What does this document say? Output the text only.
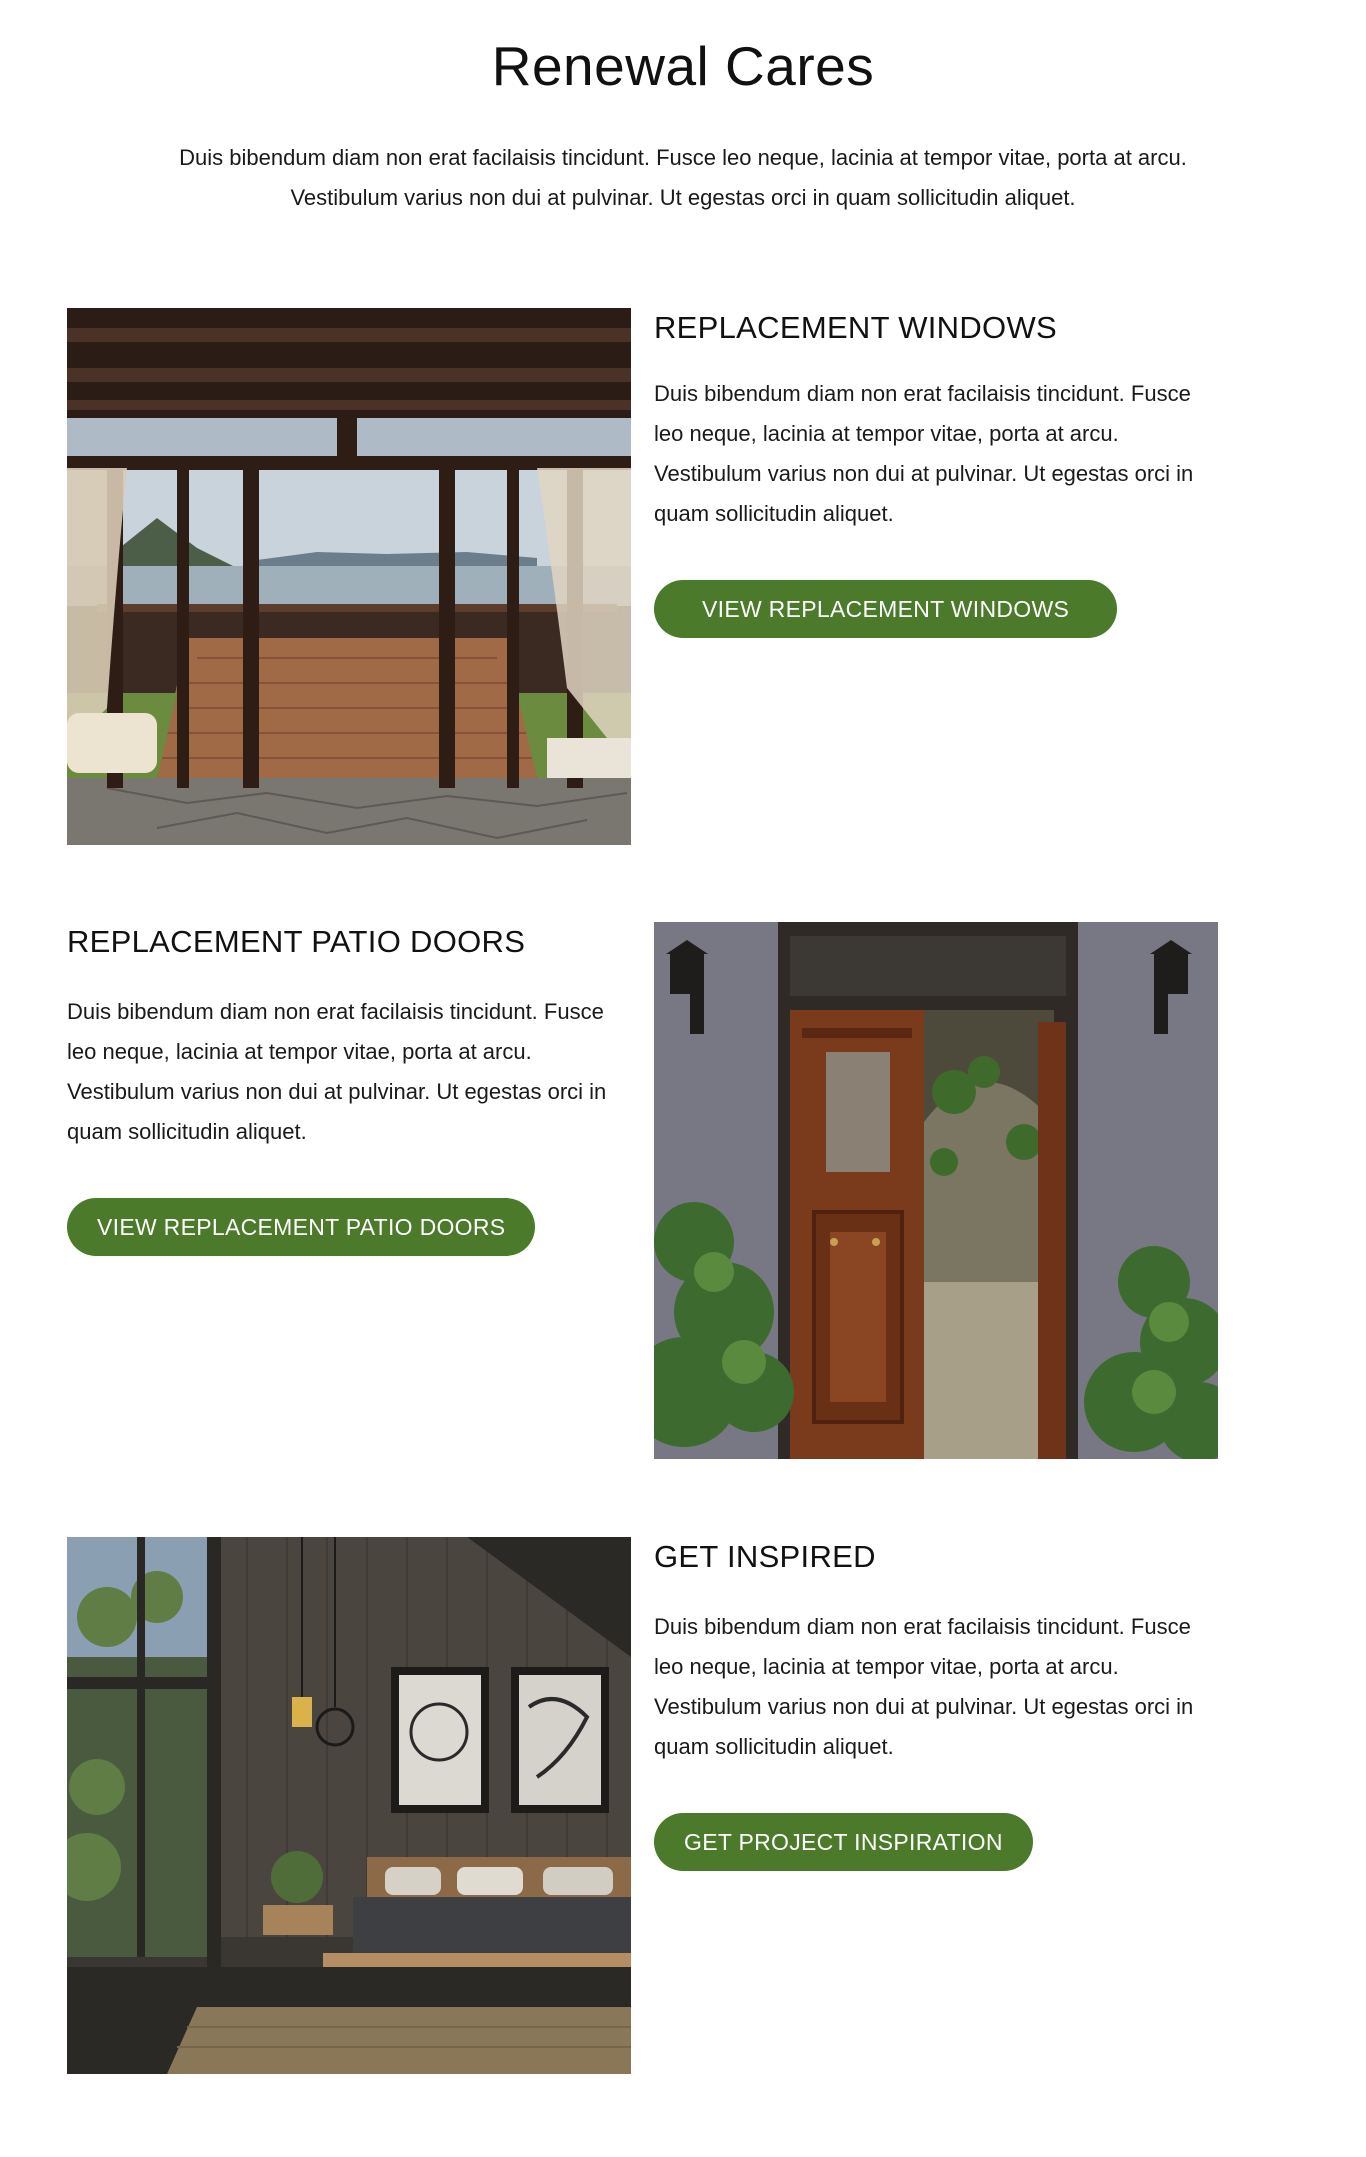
Renewal Cares

Duis bibendum diam non erat facilaisis tincidunt. Fusce leo neque, lacinia at tempor vitae, porta at arcu. Vestibulum varius non dui at pulvinar. Ut egestas orci in quam sollicitudin aliquet.

REPLACEMENT WINDOWS

Duis bibendum diam non erat facilaisis tincidunt. Fusce leo neque, lacinia at tempor vitae, porta at arcu. Vestibulum varius non dui at pulvinar. Ut egestas orci in quam sollicitudin aliquet.

VIEW REPLACEMENT WINDOWS
REPLACEMENT PATIO DOORS

Duis bibendum diam non erat facilaisis tincidunt. Fusce leo neque, lacinia at tempor vitae, porta at arcu. Vestibulum varius non dui at pulvinar. Ut egestas orci in quam sollicitudin aliquet.

VIEW REPLACEMENT PATIO DOORS
GET INSPIRED

Duis bibendum diam non erat facilaisis tincidunt. Fusce leo neque, lacinia at tempor vitae, porta at arcu. Vestibulum varius non dui at pulvinar. Ut egestas orci in quam sollicitudin aliquet.

GET PROJECT INSPIRATION
